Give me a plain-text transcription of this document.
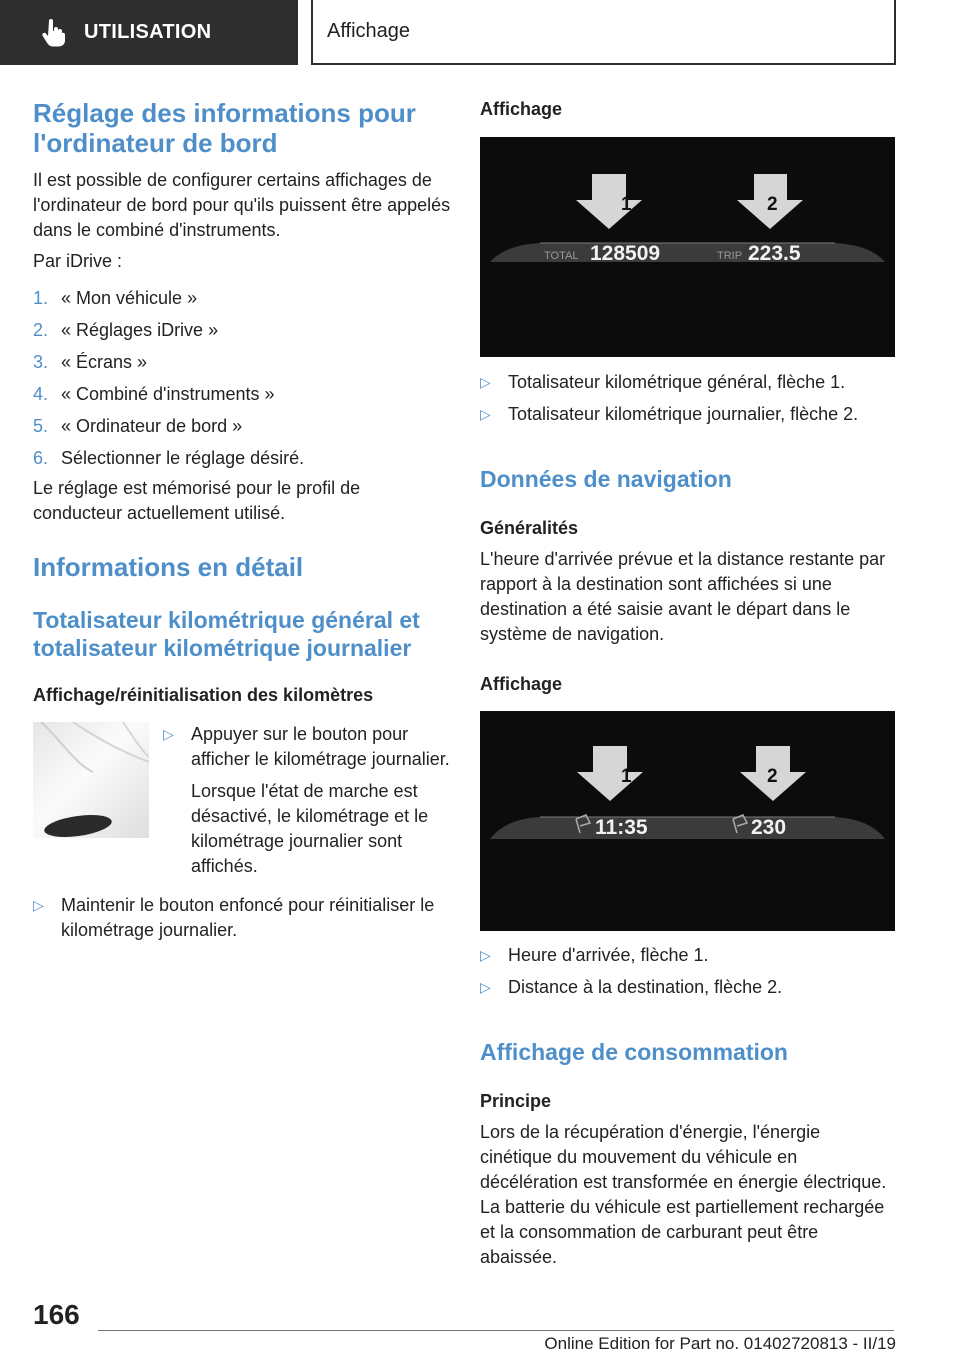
UTILISATION	Affichage
Réglage des informations pour l'ordinateur de bord

Il est possible de configurer certains affichages de l'ordinateur de bord pour qu'ils puissent être appelés dans le combiné d'instruments.

Par iDrive :

1. « Mon véhicule »
2. « Réglages iDrive »
3. « Écrans »
4. « Combiné d'instruments »
5. « Ordinateur de bord »
6. Sélectionner le réglage désiré.

Le réglage est mémorisé pour le profil de conducteur actuellement utilisé.

Informations en détail
Totalisateur kilométrique général et totalisateur kilométrique journalier
Affichage/réinitialisation des kilomètres
▷ Appuyer sur le bouton pour afficher le kilométrage journalier.

Lorsque l'état de marche est désactivé, le kilométrage et le kilométrage journalier sont affichés.

▷ Maintenir le bouton enfoncé pour réinitialiser le kilométrage journalier.
Affichage
1	2
TOTAL 128509	TRIP 223.5
▷ Totalisateur kilométrique général, flèche 1.
▷ Totalisateur kilométrique journalier, flèche 2.
Données de navigation
Généralités

L'heure d'arrivée prévue et la distance restante par rapport à la destination sont affichées si une destination a été saisie avant le départ dans le système de navigation.

Affichage
1	2
11:35	230
▷ Heure d'arrivée, flèche 1.
▷ Distance à la destination, flèche 2.
Affichage de consommation
Principe

Lors de la récupération d'énergie, l'énergie cinétique du mouvement du véhicule en décélération est transformée en énergie électrique. La batterie du véhicule est partiellement rechargée et la consommation de carburant peut être abaissée.

166
Online Edition for Part no. 01402720813 - II/19
